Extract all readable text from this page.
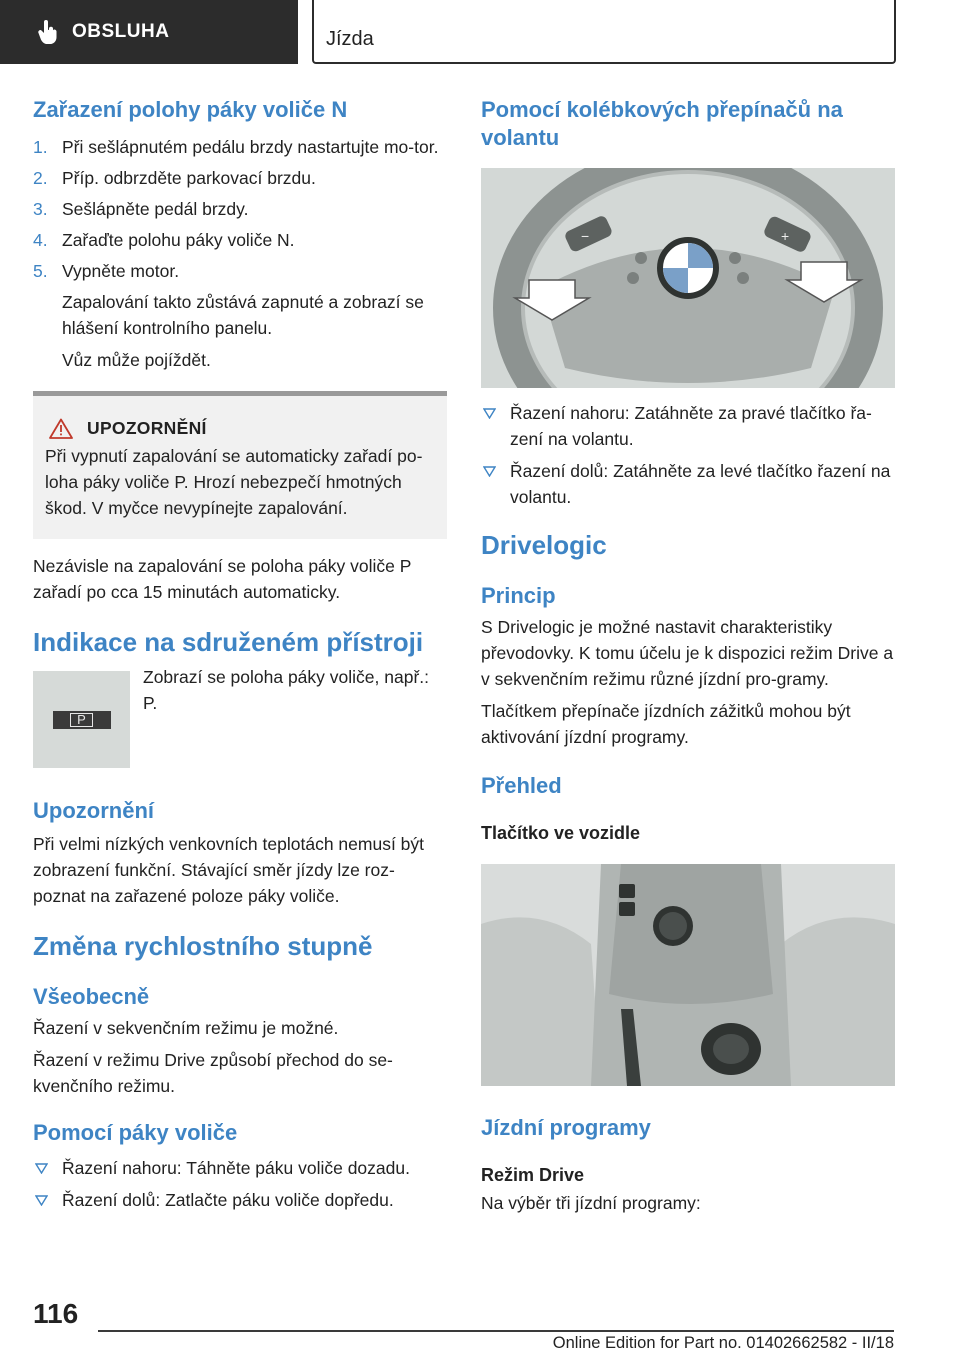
OBSLUHA	Jízda
Zařazení polohy páky voliče N
1. Při sešlápnutém pedálu brzdy nastartujte mo‐tor.
2. Příp. odbrzděte parkovací brzdu.
3. Sešlápněte pedál brzdy.
4. Zařaďte polohu páky voliče N.
5. Vypněte motor.

Zapalování takto zůstává zapnuté a zobrazí se hlášení kontrolního panelu.

Vůz může pojíždět.

UPOZORNĚNÍ

Při vypnutí zapalování se automaticky zařadí po‐loha páky voliče P. Hrozí nebezpečí hmotných škod. V myčce nevypínejte zapalování.

Nezávisle na zapalování se poloha páky voliče P zařadí po cca 15 minutách automaticky.

Indikace na sdruženém přístroji
P

Zobrazí se poloha páky voliče, např.: P.

Upozornění

Při velmi nízkých venkovních teplotách nemusí být zobrazení funkční. Stávající směr jízdy lze roz‐poznat na zařazené poloze páky voliče.

Změna rychlostního stupně
Všeobecně

Řazení v sekvenčním režimu je možné.

Řazení v režimu Drive způsobí přechod do se‐kvenčního režimu.

Pomocí páky voliče
Řazení nahoru: Táhněte páku voliče dozadu.
Řazení dolů: Zatlačte páku voliče dopředu.
Pomocí kolébkových přepínačů na volantu
−	+
Řazení nahoru: Zatáhněte za pravé tlačítko řa‐zení na volantu.
Řazení dolů: Zatáhněte za levé tlačítko řazení na volantu.
Drivelogic
Princip

S Drivelogic je možné nastavit charakteristiky převodovky. K tomu účelu je k dispozici režim Drive a v sekvenčním režimu různé jízdní pro‐gramy.

Tlačítkem přepínače jízdních zážitků mohou být aktivování jízdní programy.

Přehled

Tlačítko ve vozidle

Jízdní programy

Režim Drive

Na výběr tři jízdní programy:

116
Online Edition for Part no. 01402662582 - II/18
